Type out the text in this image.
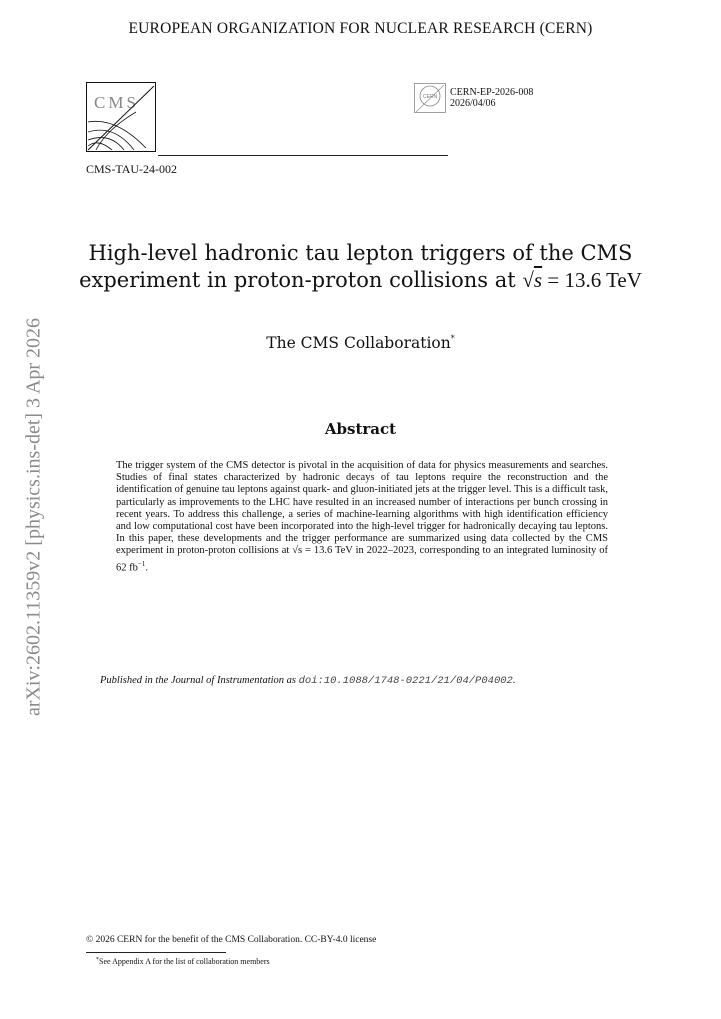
EUROPEAN ORGANIZATION FOR NUCLEAR RESEARCH (CERN)
CMS
CMS-TAU-24-002
CERN CERN-EP-2026-008
2026/04/06
High-level hadronic tau lepton triggers of the CMS
experiment in proton-proton collisions at √s = 13.6 TeV
The CMS Collaboration*
Abstract
The trigger system of the CMS detector is pivotal in the acquisition of data for physics measurements and searches. Studies of final states characterized by hadronic decays of tau leptons require the reconstruction and the identification of genuine tau leptons against quark- and gluon-initiated jets at the trigger level. This is a difficult task, particularly as improvements to the LHC have resulted in an increased number of interactions per bunch crossing in recent years. To address this challenge, a series of machine-learning algorithms with high identification efficiency and low computational cost have been incorporated into the high-level trigger for hadronically decaying tau leptons. In this paper, these developments and the trigger performance are summarized using data collected by the CMS experiment in proton-proton collisions at √s = 13.6 TeV in 2022–2023, corresponding to an integrated luminosity of 62 $fb^{-1}$.
Published in the Journal of Instrumentation as doi:10.1088/1748-0221/21/04/P04002.
arXiv:2602.11359v2 [physics.ins-det] 3 Apr 2026
© 2026 CERN for the benefit of the CMS Collaboration. CC-BY-4.0 license
*See Appendix A for the list of collaboration members
